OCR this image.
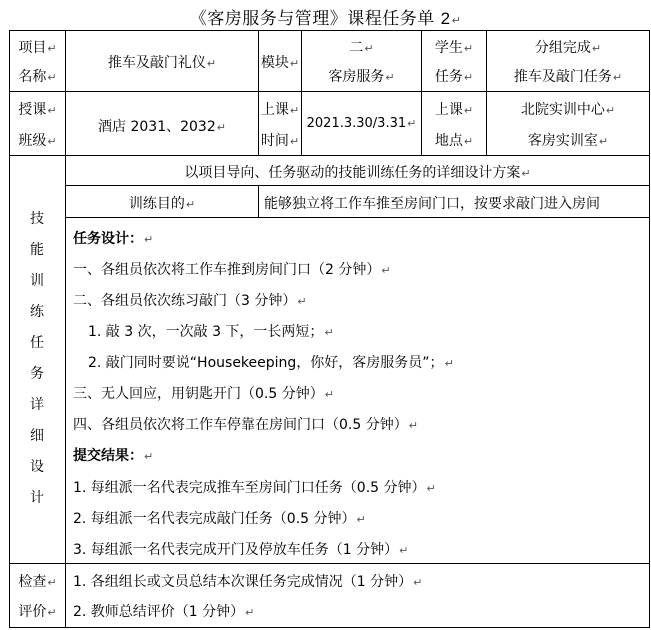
《客房服务与管理》课程任务单 2↵
项目↵
名称↵
推车及敲门礼仪↵	模块↵
二↵
客房服务↵
学生↵
任务↵
分组完成↵
推车及敲门任务↵
授课↵
班级↵
酒店 2031、2032↵
上课↵
时间↵
2021.3.30/3.31↵
上课↵
地点↵
北院实训中心↵
客房实训室↵
技
能
训
练
任
务
详
细
设
计
以项目导向、任务驱动的技能训练任务的详细设计方案↵
训练目的↵	能够独立将工作车推至房间门口，按要求敲门进入房间
任务设计：↵
一、各组员依次将工作车推到房间门口（2 分钟）↵
二、各组员依次练习敲门（3 分钟）↵
1. 敲 3 次，一次敲 3 下，一长两短；↵
2. 敲门同时要说“Housekeeping，你好，客房服务员”；↵
三、无人回应，用钥匙开门（0.5 分钟）↵
四、各组员依次将工作车停靠在房间门口（0.5 分钟）↵
提交结果：↵
1. 每组派一名代表完成推车至房间门口任务（0.5 分钟）↵
2. 每组派一名代表完成敲门任务（0.5 分钟）↵
3. 每组派一名代表完成开门及停放车任务（1 分钟）↵
检查↵
评价↵
1. 各组组长或文员总结本次课任务完成情况（1 分钟）↵
2. 教师总结评价（1 分钟）↵
